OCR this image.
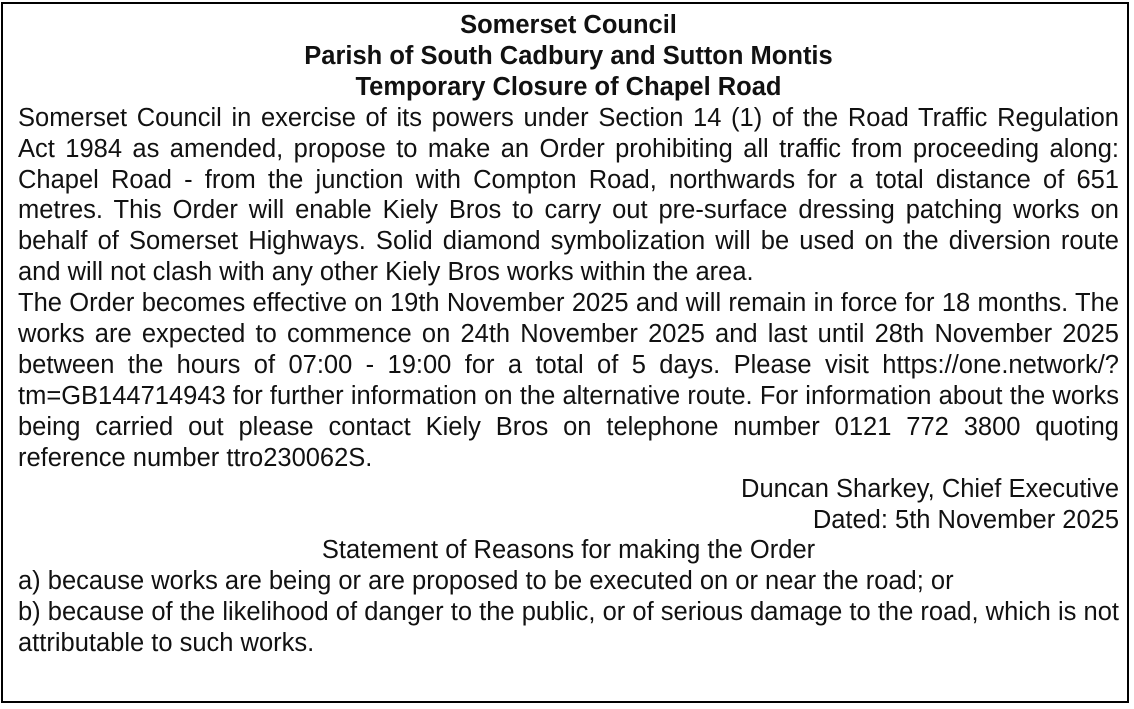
Somerset Council

Parish of South Cadbury and Sutton Montis

Temporary Closure of Chapel Road

Somerset Council in exercise of its powers under Section 14 (1) of the Road Traffic Regulation Act 1984 as amended, propose to make an Order prohibiting all traffic from proceeding along: Chapel Road - from the junction with Compton Road, northwards for a total distance of 651 metres. This Order will enable Kiely Bros to carry out pre-surface dressing patching works on behalf of Somerset Highways. Solid diamond symbolization will be used on the diversion route and will not clash with any other Kiely Bros works within the area.

The Order becomes effective on 19th November 2025 and will remain in force for 18 months. The works are expected to commence on 24th November 2025 and last until 28th November 2025 between the hours of 07:00 - 19:00 for a total of 5 days. Please visit https://one.network/?tm=GB144714943 for further information on the alternative route. For information about the works being carried out please contact Kiely Bros on telephone number 0121 772 3800 quoting reference number ttro230062S.

Duncan Sharkey, Chief Executive

Dated: 5th November 2025

Statement of Reasons for making the Order

a) because works are being or are proposed to be executed on or near the road; or

b) because of the likelihood of danger to the public, or of serious damage to the road, which is not attributable to such works.
